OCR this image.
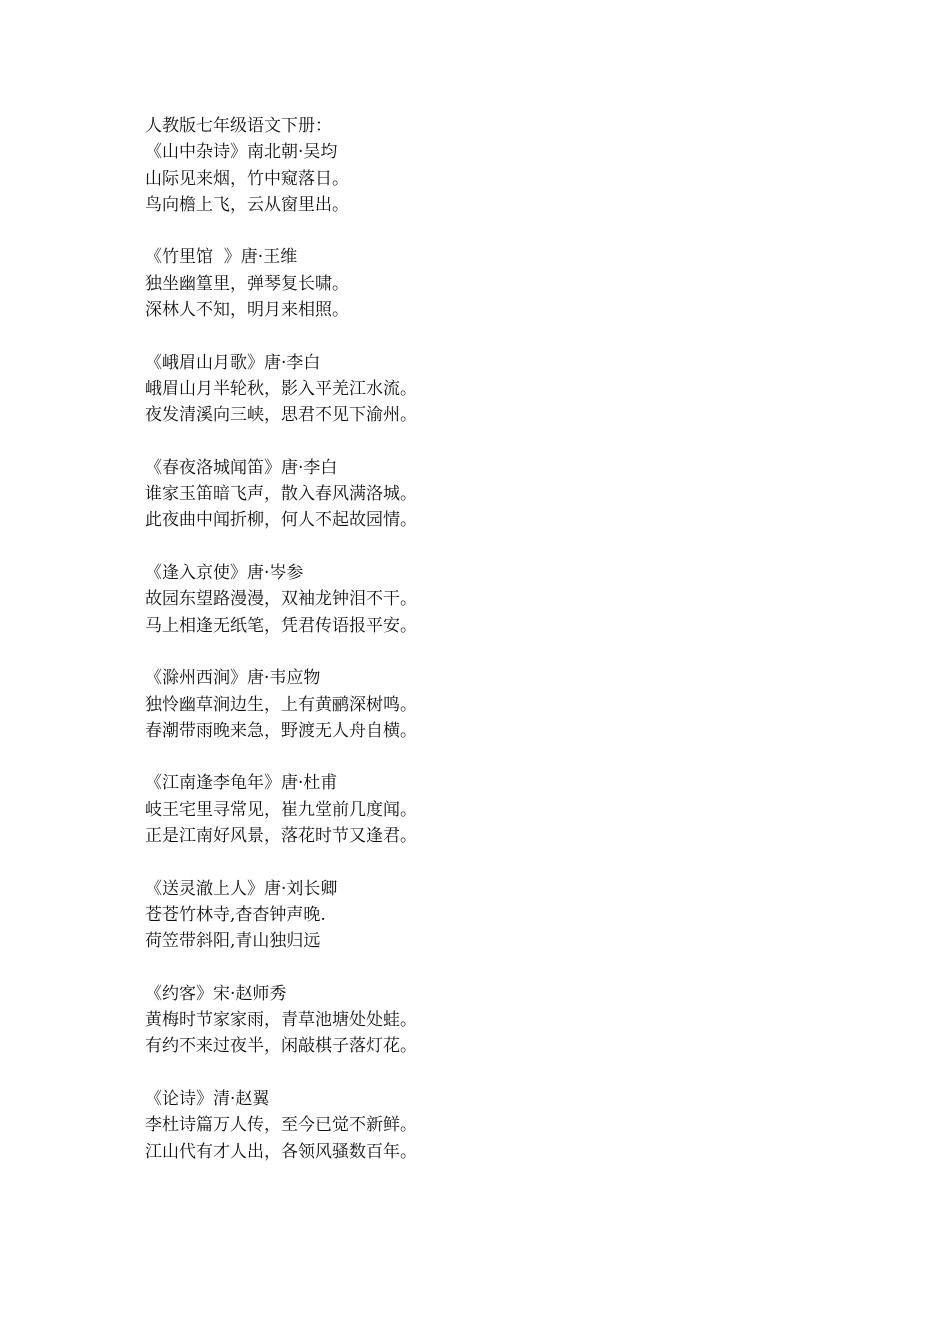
人教版七年级语文下册：
《山中杂诗》南北朝·吴均
山际见来烟，竹中窥落日。
鸟向檐上飞，云从窗里出。
《竹里馆  》唐·王维
独坐幽篁里，弹琴复长啸。
深林人不知，明月来相照。
《峨眉山月歌》唐·李白
峨眉山月半轮秋，影入平羌江水流。
夜发清溪向三峡，思君不见下渝州。
《春夜洛城闻笛》唐·李白
谁家玉笛暗飞声，散入春风满洛城。
此夜曲中闻折柳，何人不起故园情。
《逢入京使》唐·岑参
故园东望路漫漫，双袖龙钟泪不干。
马上相逢无纸笔，凭君传语报平安。
《滁州西涧》唐·韦应物
独怜幽草涧边生，上有黄鹂深树鸣。
春潮带雨晚来急，野渡无人舟自横。
《江南逢李龟年》唐·杜甫
岐王宅里寻常见，崔九堂前几度闻。
正是江南好风景，落花时节又逢君。
《送灵澈上人》唐·刘长卿
苍苍竹林寺,杳杳钟声晚.
荷笠带斜阳,青山独归远
《约客》宋·赵师秀
黄梅时节家家雨，青草池塘处处蛙。
有约不来过夜半，闲敲棋子落灯花。
《论诗》清·赵翼
李杜诗篇万人传，至今已觉不新鲜。
江山代有才人出，各领风骚数百年。
